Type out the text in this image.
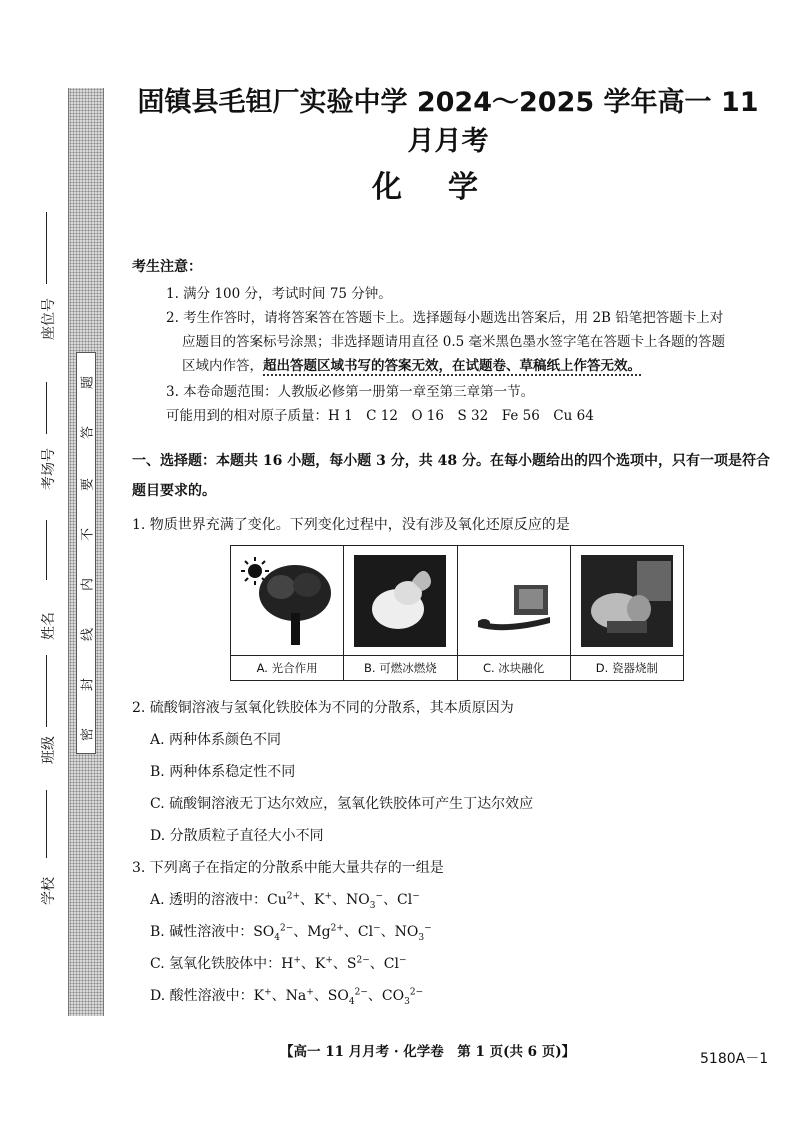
题
答
要
不
内
线
封
密
座位号
考场号
姓名
班级
学校
固镇县毛钽厂实验中学 2024～2025 学年高一 11 月月考
化学
考生注意：
1. 满分 100 分，考试时间 75 分钟。
2. 考生作答时，请将答案答在答题卡上。选择题每小题选出答案后，用 2B 铅笔把答题卡上对
应题目的答案标号涂黑；非选择题请用直径 0.5 毫米黑色墨水签字笔在答题卡上各题的答题
区域内作答，超出答题区域书写的答案无效，在试题卷、草稿纸上作答无效。
3. 本卷命题范围：人教版必修第一册第一章至第三章第一节。
可能用到的相对原子质量：H 1　C 12　O 16　S 32　Fe 56　Cu 64
一、选择题：本题共 16 小题，每小题 3 分，共 48 分。在每小题给出的四个选项中，只有一项是符合题目要求的。
1. 物质世界充满了变化。下列变化过程中，没有涉及氧化还原反应的是
A. 光合作用	B. 可燃冰燃烧	C. 冰块融化	D. 瓷器烧制
2. 硫酸铜溶液与氢氧化铁胶体为不同的分散系，其本质原因为
A. 两种体系颜色不同
B. 两种体系稳定性不同
C. 硫酸铜溶液无丁达尔效应，氢氧化铁胶体可产生丁达尔效应
D. 分散质粒子直径大小不同
3. 下列离子在指定的分散系中能大量共存的一组是
A. 透明的溶液中：$Cu^{2+}$、K+、$NO_3^-$、Cl−
B. 碱性溶液中：$SO_4^{2-}$、$Mg^{2+}$、Cl−、$NO_3^-$
C. 氢氧化铁胶体中：H+、K+、$S^{2-}$、Cl−
D. 酸性溶液中：K+、Na+、$SO_4^{2-}$、$CO_3^{2-}$
【高一 11 月月考 · 化学卷　第 1 页(共 6 页)】	5180A－1
